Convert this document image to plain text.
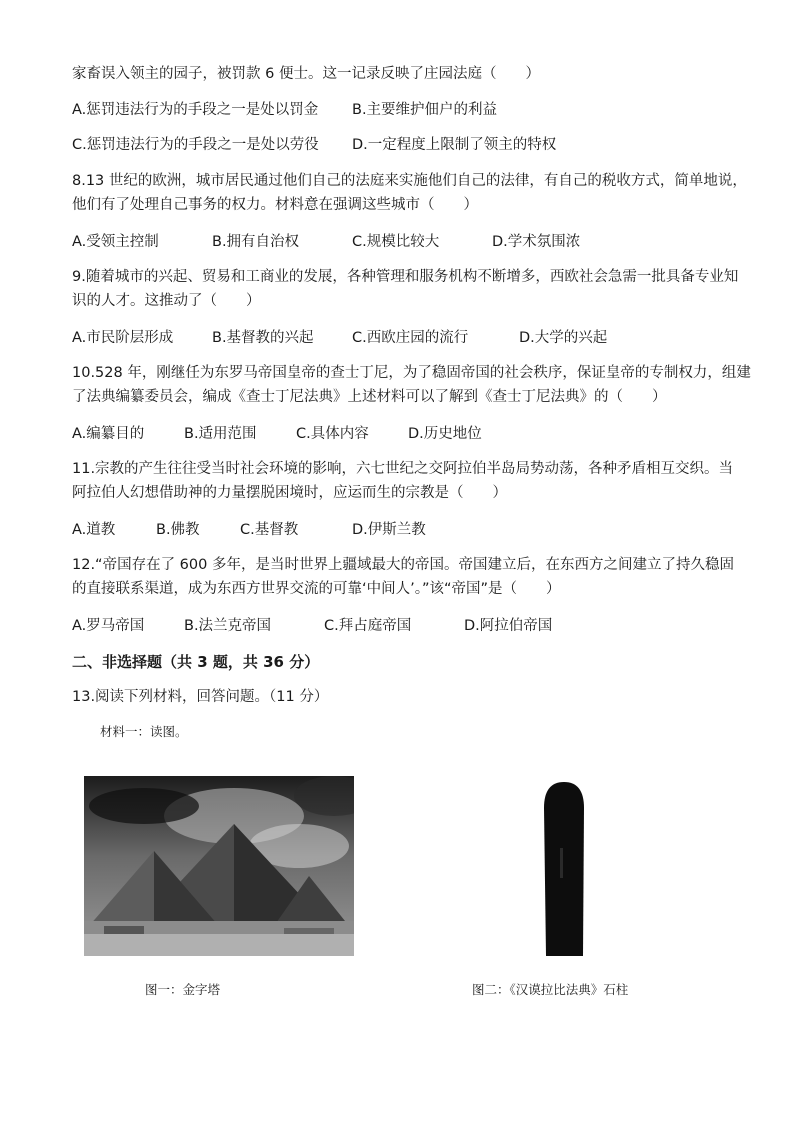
家畜误入领主的园子，被罚款 6 便士。这一记录反映了庄园法庭（　　）
A.惩罚违法行为的手段之一是处以罚金 B.主要维护佃户的利益
C.惩罚违法行为的手段之一是处以劳役 D.一定程度上限制了领主的特权
8.13 世纪的欧洲，城市居民通过他们自己的法庭来实施他们自己的法律，有自己的税收方式，简单地说，
他们有了处理自己事务的权力。材料意在强调这些城市（　　）
A.受领主控制	B.拥有自治权	C.规模比较大	D.学术氛围浓
9.随着城市的兴起、贸易和工商业的发展，各种管理和服务机构不断增多，西欧社会急需一批具备专业知
识的人才。这推动了（　　）
A.市民阶层形成	B.基督教的兴起	C.西欧庄园的流行	D.大学的兴起
10.528 年，刚继任为东罗马帝国皇帝的查士丁尼，为了稳固帝国的社会秩序，保证皇帝的专制权力，组建
了法典编纂委员会，编成《查士丁尼法典》上述材料可以了解到《查士丁尼法典》的（　　）
A.编纂目的	B.适用范围	C.具体内容	D.历史地位
11.宗教的产生往往受当时社会环境的影响，六七世纪之交阿拉伯半岛局势动荡，各种矛盾相互交织。当
阿拉伯人幻想借助神的力量摆脱困境时，应运而生的宗教是（　　）
A.道教	B.佛教	C.基督教	D.伊斯兰教
12.“帝国存在了 600 多年，是当时世界上疆域最大的帝国。帝国建立后，在东西方之间建立了持久稳固
的直接联系渠道，成为东西方世界交流的可靠‘中间人’。”该“帝国”是（　　）
A.罗马帝国	B.法兰克帝国	C.拜占庭帝国	D.阿拉伯帝国
二、非选择题（共 3 题，共 36 分）
13.阅读下列材料，回答问题。（11 分）
材料一：读图。
图一：金字塔	图二：《汉谟拉比法典》石柱
